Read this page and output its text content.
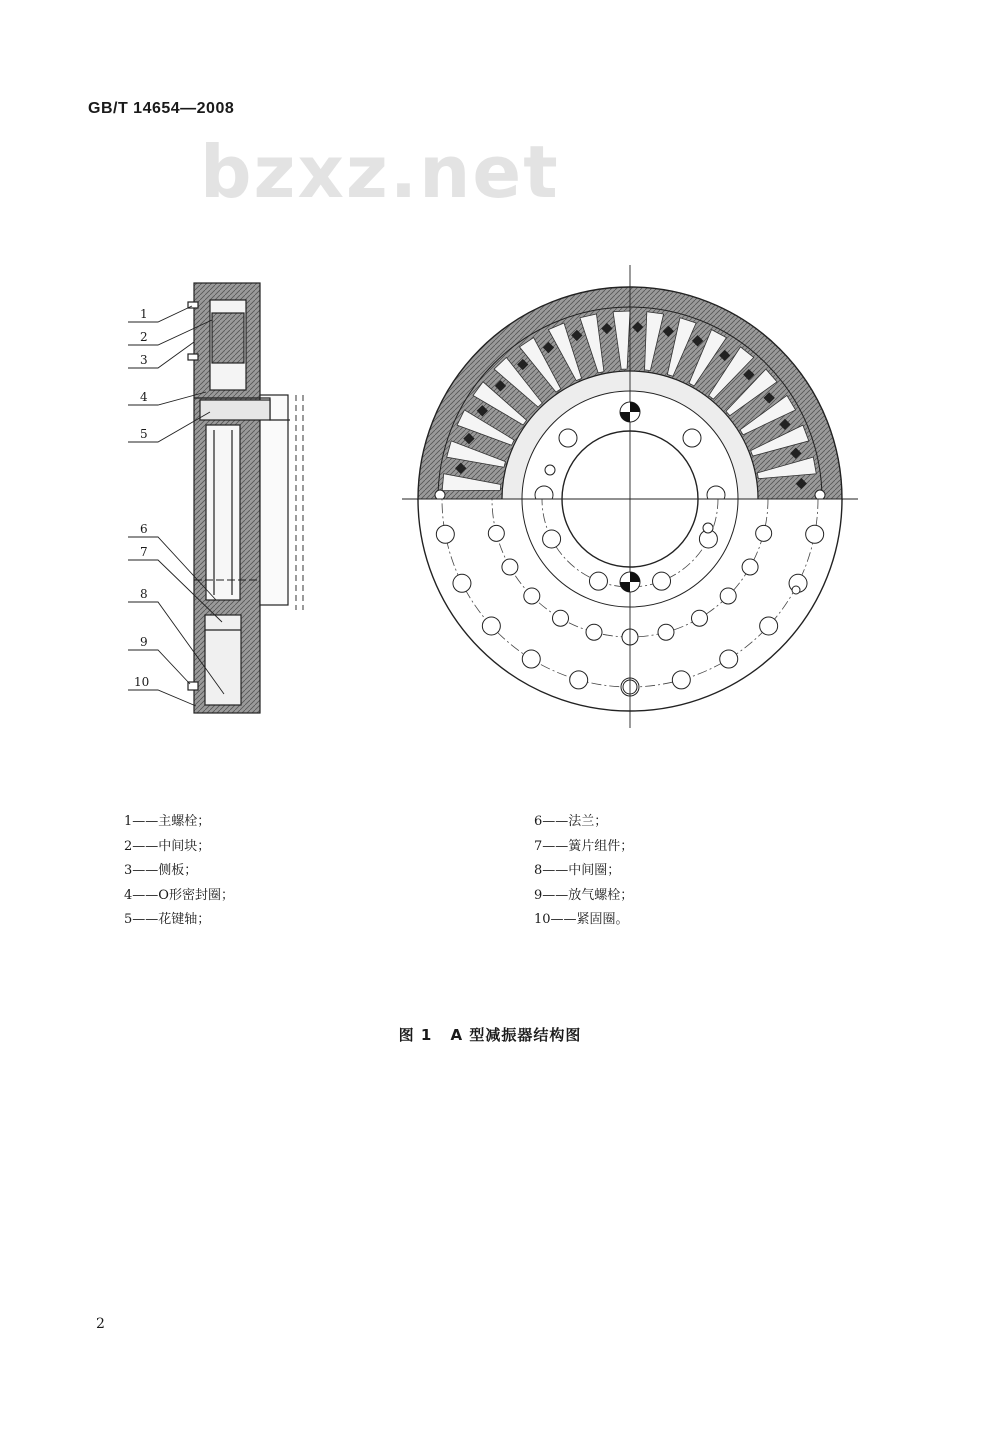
GB/T 14654—2008
bzxz.net
1
2
3
4
5
6
7
8
9
10
1——主螺栓；
2——中间块；
3——侧板；
4——O形密封圈；
5——花键轴；
6——法兰；
7——簧片组件；
8——中间圈；
9——放气螺栓；
10——紧固圈。
图 1 A 型减振器结构图
2
